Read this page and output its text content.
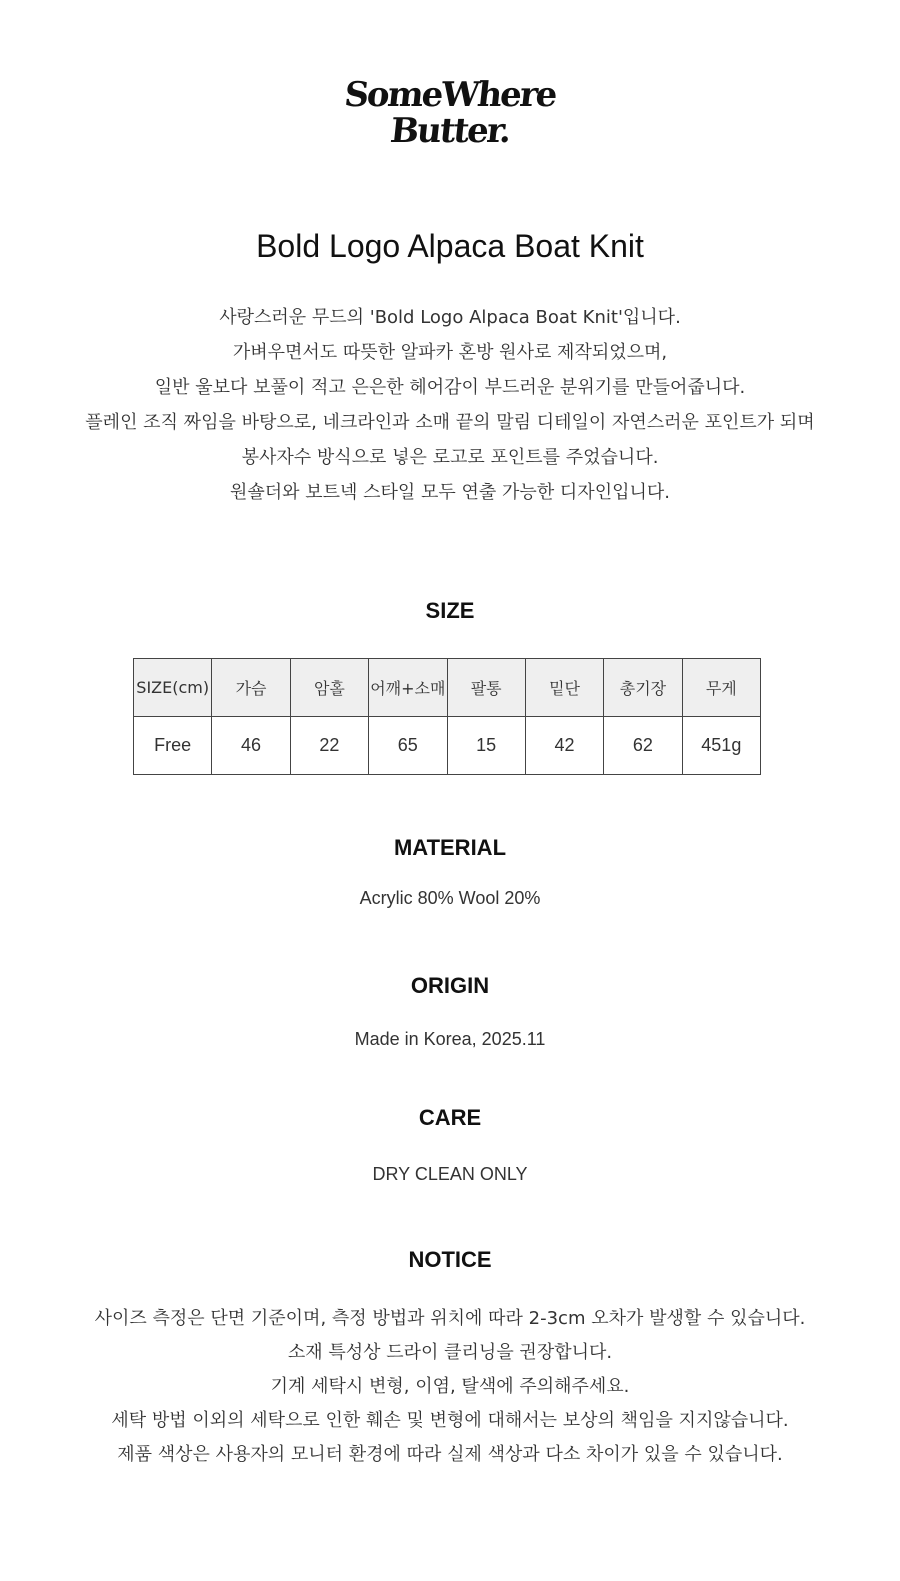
SomeWhere
Butter.
Bold Logo Alpaca Boat Knit
사랑스러운 무드의 'Bold Logo Alpaca Boat Knit'입니다.
가벼우면서도 따뜻한 알파카 혼방 원사로 제작되었으며,
일반 울보다 보풀이 적고 은은한 헤어감이 부드러운 분위기를 만들어줍니다.
플레인 조직 짜임을 바탕으로, 네크라인과 소매 끝의 말림 디테일이 자연스러운 포인트가 되며
봉사자수 방식으로 넣은 로고로 포인트를 주었습니다.
원숄더와 보트넥 스타일 모두 연출 가능한 디자인입니다.
SIZE
SIZE(cm)	가슴	암홀	어깨+소매	팔통	밑단	총기장	무게
Free	46	22	65	15	42	62	451g
MATERIAL
Acrylic 80% Wool 20%
ORIGIN
Made in Korea, 2025.11
CARE
DRY CLEAN ONLY
NOTICE
사이즈 측정은 단면 기준이며, 측정 방법과 위치에 따라 2-3cm 오차가 발생할 수 있습니다.
소재 특성상 드라이 클리닝을 권장합니다.
기계 세탁시 변형, 이염, 탈색에 주의해주세요.
세탁 방법 이외의 세탁으로 인한 훼손 및 변형에 대해서는 보상의 책임을 지지않습니다.
제품 색상은 사용자의 모니터 환경에 따라 실제 색상과 다소 차이가 있을 수 있습니다.
